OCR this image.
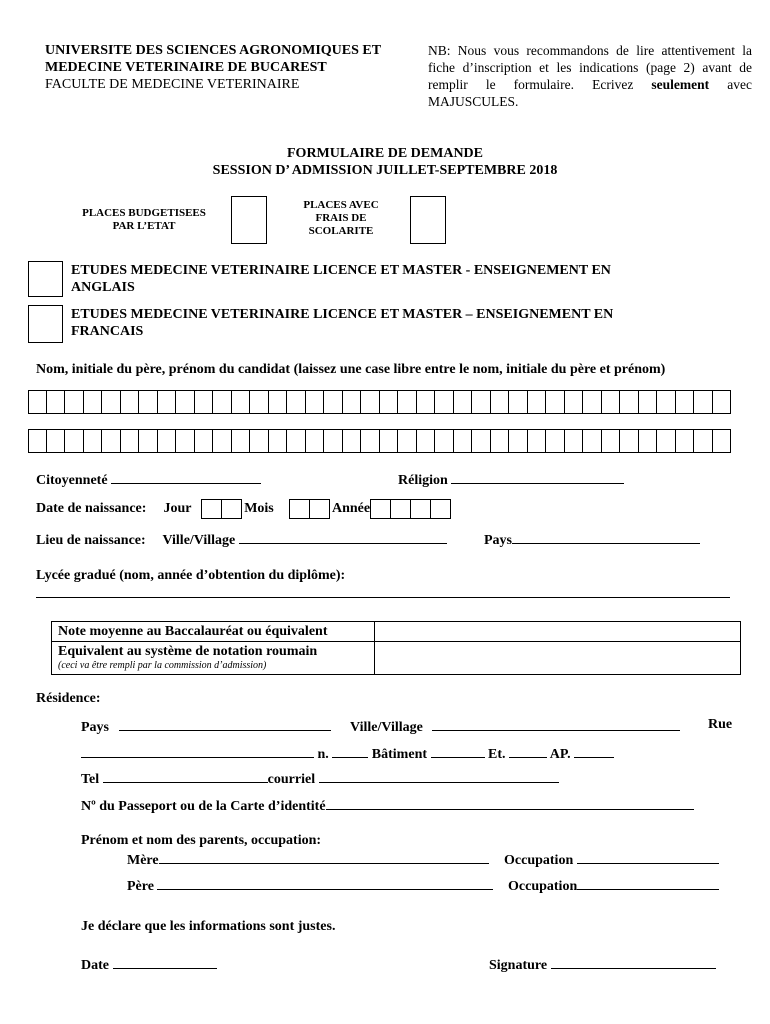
UNIVERSITE DES SCIENCES AGRONOMIQUES ET
MEDECINE VETERINAIRE DE BUCAREST
FACULTE DE MEDECINE VETERINAIRE
NB: Nous vous recommandons de lire attentivement la fiche d’inscription et les indications (page 2) avant de remplir le formulaire. Ecrivez seulement avec MAJUSCULES.
FORMULAIRE DE DEMANDE
SESSION D’ ADMISSION JUILLET-SEPTEMBRE 2018
PLACES BUDGETISEES
PAR L’ETAT
PLACES AVEC
FRAIS DE
SCOLARITE
ETUDES MEDECINE VETERINAIRE LICENCE ET MASTER - ENSEIGNEMENT EN
ANGLAIS
ETUDES MEDECINE VETERINAIRE LICENCE ET MASTER – ENSEIGNEMENT EN
FRANCAIS
Nom, initiale du père, prénom du candidat (laissez une case libre entre le nom, initiale du père et prénom)
Citoyenneté	Réligion
Date de naissance: Jour	Mois	Année
Lieu de naissance: Ville/Village	Pays
Lycée gradué (nom, année d’obtention du diplôme):
Note moyenne au Baccalauréat ou équivalent	

Equivalent au système de notation roumain
(ceci va être rempli par la commission d’admission)	

Résidence:
Pays	Ville/Village	Rue
n.	Bâtiment	Et.	AP.
Tel	courriel
Nº du Passeport ou de la Carte d’identité
Prénom et nom des parents, occupation:
Mère	Occupation
Père	Occupation
Je déclare que les informations sont justes.
Date	Signature
